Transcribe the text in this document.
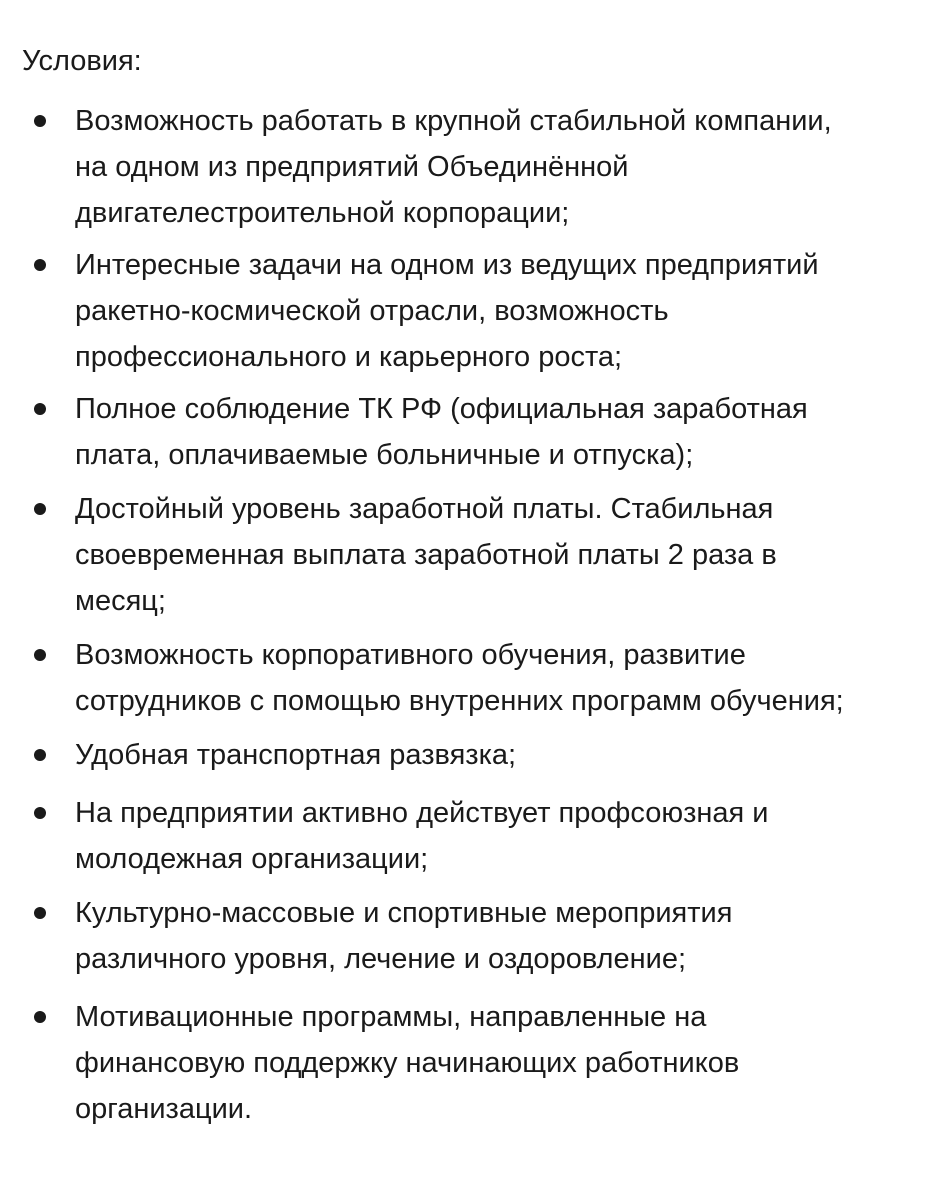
Условия:
Возможность работать в крупной стабильной компании,
на одном из предприятий Объединённой
двигателестроительной корпорации;
Интересные задачи на одном из ведущих предприятий
ракетно-космической отрасли, возможность
профессионального и карьерного роста;
Полное соблюдение ТК РФ (официальная заработная
плата, оплачиваемые больничные и отпуска);
Достойный уровень заработной платы. Стабильная
своевременная выплата заработной платы 2 раза в
месяц;
Возможность корпоративного обучения, развитие
сотрудников с помощью внутренних программ обучения;
Удобная транспортная развязка;
На предприятии активно действует профсоюзная и
молодежная организации;
Культурно-массовые и спортивные мероприятия
различного уровня, лечение и оздоровление;
Мотивационные программы, направленные на
финансовую поддержку начинающих работников
организации.
